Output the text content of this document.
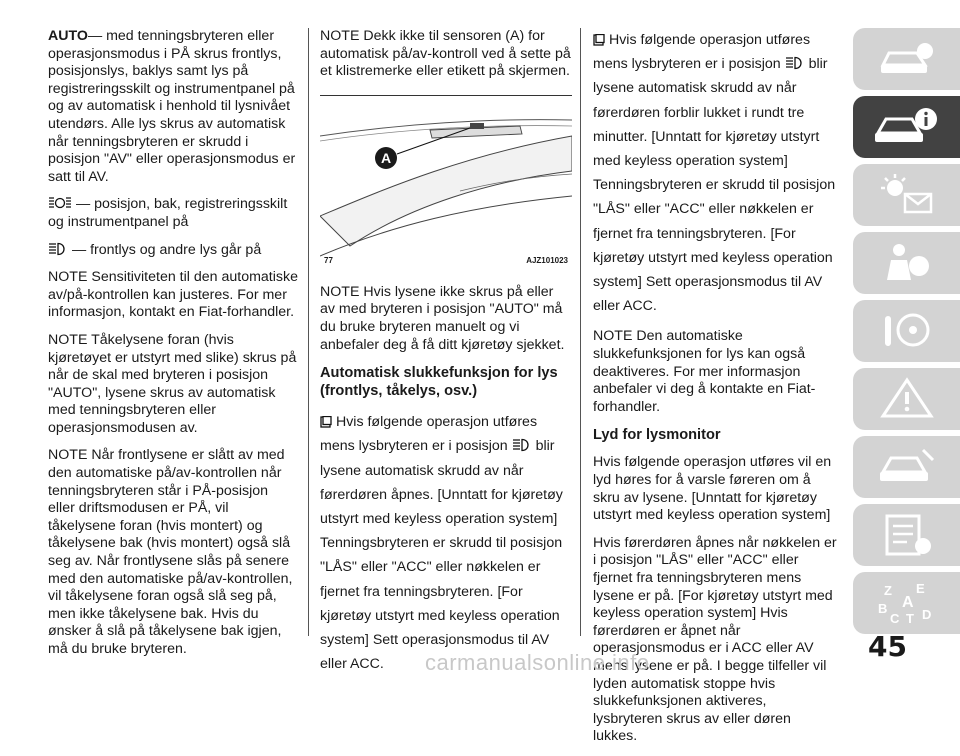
AUTO— med tenningsbryteren eller operasjonsmodus i PÅ skrus frontlys, posisjonslys, baklys samt lys på registreringsskilt og instrumentpanel på og av automatisk i henhold til lysnivået utendørs. Alle lys skrus av automatisk når tenningsbryteren er skrudd i posisjon "AV" eller operasjonsmodus er satt til AV.

— posisjon, bak, registreringsskilt og instrumentpanel på

— frontlys og andre lys går på

NOTE Sensitiviteten til den automatiske av/på-kontrollen kan justeres. For mer informasjon, kontakt en Fiat-forhandler.

NOTE Tåkelysene foran (hvis kjøretøyet er utstyrt med slike) skrus på når de skal med bryteren i posisjon "AUTO", lysene skrus av automatisk med tenningsbryteren eller operasjonsmodusen av.

NOTE Når frontlysene er slått av med den automatiske på/av-kontrollen når tenningsbryteren står i PÅ-posisjon eller driftsmodusen er PÅ, vil tåkelysene foran (hvis montert) og tåkelysene bak (hvis montert) også slå seg av. Når frontlysene slås på senere med den automatiske på/av-kontrollen, vil tåkelysene foran også slå seg på, men ikke tåkelysene bak. Hvis du ønsker å slå på tåkelysene bak igjen, må du bruke bryteren.

NOTE Dekk ikke til sensoren (A) for automatisk på/av-kontroll ved å sette på et klistremerke eller etikett på skjermen.

A
77	AJZ101023

NOTE Hvis lysene ikke skrus på eller av med bryteren i posisjon "AUTO" må du bruke bryteren manuelt og vi anbefaler deg å få ditt kjøretøy sjekket.

Automatisk slukkefunksjon for lys (frontlys, tåkelys, osv.)

Hvis følgende operasjon utføres mens lysbryteren er i posisjon blir lysene automatisk skrudd av når førerdøren åpnes. [Unntatt for kjøretøy utstyrt med keyless operation system] Tenningsbryteren er skrudd til posisjon "LÅS" eller "ACC" eller nøkkelen er fjernet fra tenningsbryteren. [For kjøretøy utstyrt med keyless operation system] Sett operasjonsmodus til AV eller ACC.

Hvis følgende operasjon utføres mens lysbryteren er i posisjon blir lysene automatisk skrudd av når førerdøren forblir lukket i rundt tre minutter. [Unntatt for kjøretøy utstyrt med keyless operation system] Tenningsbryteren er skrudd til posisjon "LÅS" eller "ACC" eller nøkkelen er fjernet fra tenningsbryteren. [For kjøretøy utstyrt med keyless operation system] Sett operasjonsmodus til AV eller ACC.

NOTE Den automatiske slukkefunksjonen for lys kan også deaktiveres. For mer informasjon anbefaler vi deg å kontakte en Fiat-forhandler.

Lyd for lysmonitor

Hvis følgende operasjon utføres vil en lyd høres for å varsle føreren om å skru av lysene. [Unntatt for kjøretøy utstyrt med keyless operation system]

Hvis førerdøren åpnes når nøkkelen er i posisjon "LÅS" eller "ACC" eller fjernet fra tenningsbryteren mens lysene er på. [For kjøretøy utstyrt med keyless operation system] Hvis førerdøren er åpnet når operasjonsmodus er i ACC eller AV mens lysene er på. I begge tilfeller vil lyden automatisk stoppe hvis slukkefunksjonen aktiveres, lysbryteren skrus av eller døren lukkes.

Z E
A
B
C T D
45
carmanualsonline.info
